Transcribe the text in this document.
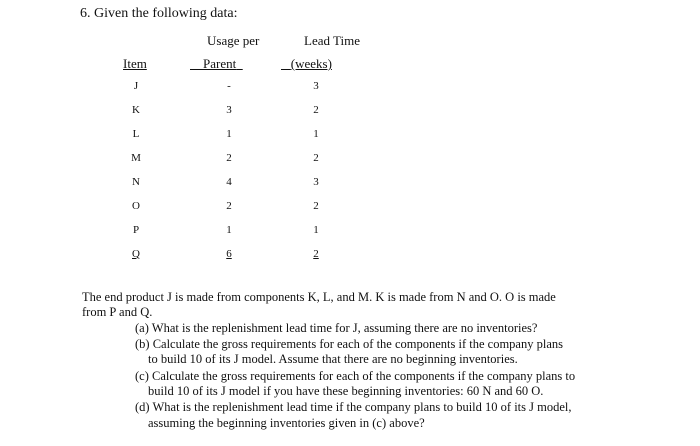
6. Given the following data:
Usage per	Lead Time
Item	Parent	(weeks)
J	-	3
K	3	2
L	1	1
M	2	2
N	4	3
O	2	2
P	1	1
Q	6	2
The end product J is made from components K, L, and M. K is made from N and O. O is made
from P and Q.
(a) What is the replenishment lead time for J, assuming there are no inventories?
(b) Calculate the gross requirements for each of the components if the company plans
to build 10 of its J model. Assume that there are no beginning inventories.
(c) Calculate the gross requirements for each of the components if the company plans to
build 10 of its J model if you have these beginning inventories: 60 N and 60 O.
(d) What is the replenishment lead time if the company plans to build 10 of its J model,
assuming the beginning inventories given in (c) above?
